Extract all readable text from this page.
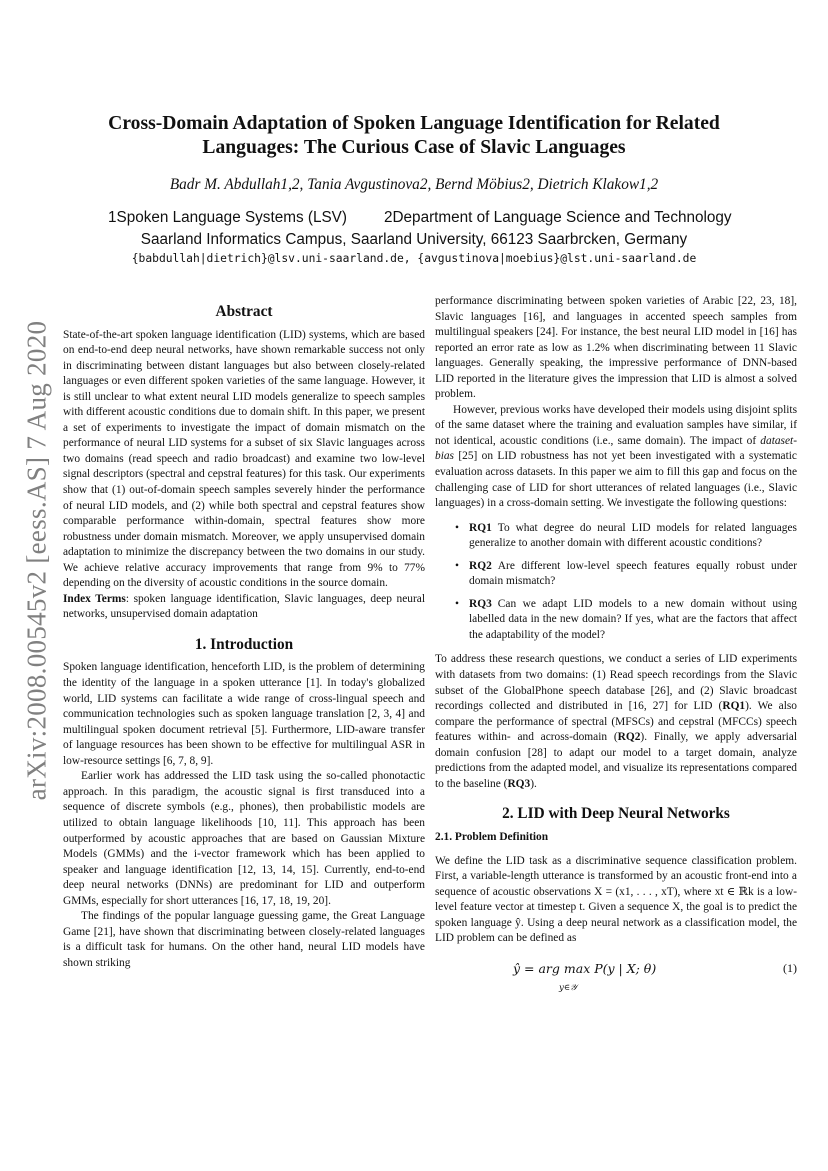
arXiv:2008.00545v2 [eess.AS] 7 Aug 2020
Cross-Domain Adaptation of Spoken Language Identification for Related
Languages: The Curious Case of Slavic Languages
Badr M. Abdullah1,2, Tania Avgustinova2, Bernd Möbius2, Dietrich Klakow1,2
1Spoken Language Systems (LSV) 2Department of Language Science and Technology
Saarland Informatics Campus, Saarland University, 66123 Saarbrcken, Germany
{babdullah|dietrich}@lsv.uni-saarland.de, {avgustinova|moebius}@lst.uni-saarland.de
Abstract

State-of-the-art spoken language identification (LID) systems, which are based on end-to-end deep neural networks, have shown remarkable success not only in discriminating between distant languages but also between closely-related languages or even different spoken varieties of the same language. However, it is still unclear to what extent neural LID models generalize to speech samples with different acoustic conditions due to domain shift. In this paper, we present a set of experiments to investigate the impact of domain mismatch on the performance of neural LID systems for a subset of six Slavic languages across two domains (read speech and radio broadcast) and examine two low-level signal descriptors (spectral and cepstral features) for this task. Our experiments show that (1) out-of-domain speech samples severely hinder the performance of neural LID models, and (2) while both spectral and cepstral features show comparable performance within-domain, spectral features show more robustness under domain mismatch. Moreover, we apply unsupervised domain adaptation to minimize the discrepancy between the two domains in our study. We achieve relative accuracy improvements that range from 9% to 77% depending on the diversity of acoustic conditions in the source domain.

Index Terms: spoken language identification, Slavic languages, deep neural networks, unsupervised domain adaptation

1. Introduction

Spoken language identification, henceforth LID, is the problem of determining the identity of the language in a spoken utterance [1]. In today's globalized world, LID systems can facilitate a wide range of cross-lingual speech and communication technologies such as spoken language translation [2, 3, 4] and multilingual spoken document retrieval [5]. Furthermore, LID-aware transfer of language resources has been shown to be effective for multilingual ASR in low-resource settings [6, 7, 8, 9].

Earlier work has addressed the LID task using the so-called phonotactic approach. In this paradigm, the acoustic signal is first transduced into a sequence of discrete symbols (e.g., phones), then probabilistic models are utilized to obtain language likelihoods [10, 11]. This approach has been outperformed by acoustic approaches that are based on Gaussian Mixture Models (GMMs) and the i-vector framework which has been applied to speaker and language identification [12, 13, 14, 15]. Currently, end-to-end deep neural networks (DNNs) are predominant for LID and outperform GMMs, especially for short utterances [16, 17, 18, 19, 20].

The findings of the popular language guessing game, the Great Language Game [21], have shown that discriminating between closely-related languages is a difficult task for humans. On the other hand, neural LID models have shown striking

performance discriminating between spoken varieties of Arabic [22, 23, 18], Slavic languages [16], and languages in accented speech samples from multilingual speakers [24]. For instance, the best neural LID model in [16] has reported an error rate as low as 1.2% when discriminating between 11 Slavic languages. Generally speaking, the impressive performance of DNN-based LID reported in the literature gives the impression that LID is almost a solved problem.

However, previous works have developed their models using disjoint splits of the same dataset where the training and evaluation samples have similar, if not identical, acoustic conditions (i.e., same domain). The impact of dataset-bias [25] on LID robustness has not yet been investigated with a systematic evaluation across datasets. In this paper we aim to fill this gap and focus on the challenging case of LID for short utterances of related languages (i.e., Slavic languages) in a cross-domain setting. We investigate the following questions:

• RQ1 To what degree do neural LID models for related languages generalize to another domain with different acoustic conditions?
• RQ2 Are different low-level speech features equally robust under domain mismatch?
• RQ3 Can we adapt LID models to a new domain without using labelled data in the new domain? If yes, what are the factors that affect the adaptability of the model?

To address these research questions, we conduct a series of LID experiments with datasets from two domains: (1) Read speech recordings from the Slavic subset of the GlobalPhone speech database [26], and (2) Slavic broadcast recordings collected and distributed in [16, 27] for LID (RQ1). We also compare the performance of spectral (MFSCs) and cepstral (MFCCs) speech features within- and across-domain (RQ2). Finally, we apply adversarial domain confusion [28] to adapt our model to a target domain, analyze predictions from the adapted model, and visualize its representations compared to the baseline (RQ3).

2. LID with Deep Neural Networks
2.1. Problem Definition

We define the LID task as a discriminative sequence classification problem. First, a variable-length utterance is transformed by an acoustic front-end into a sequence of acoustic observations X = (x1, . . . , xT), where xt ∈ ℝk is a low-level feature vector at timestep t. Given a sequence X, the goal is to predict the spoken language ŷ. Using a deep neural network as a classification model, the LID problem can be defined as

ŷ = arg max P(y | X; θ)
y∈𝒴
(1)
